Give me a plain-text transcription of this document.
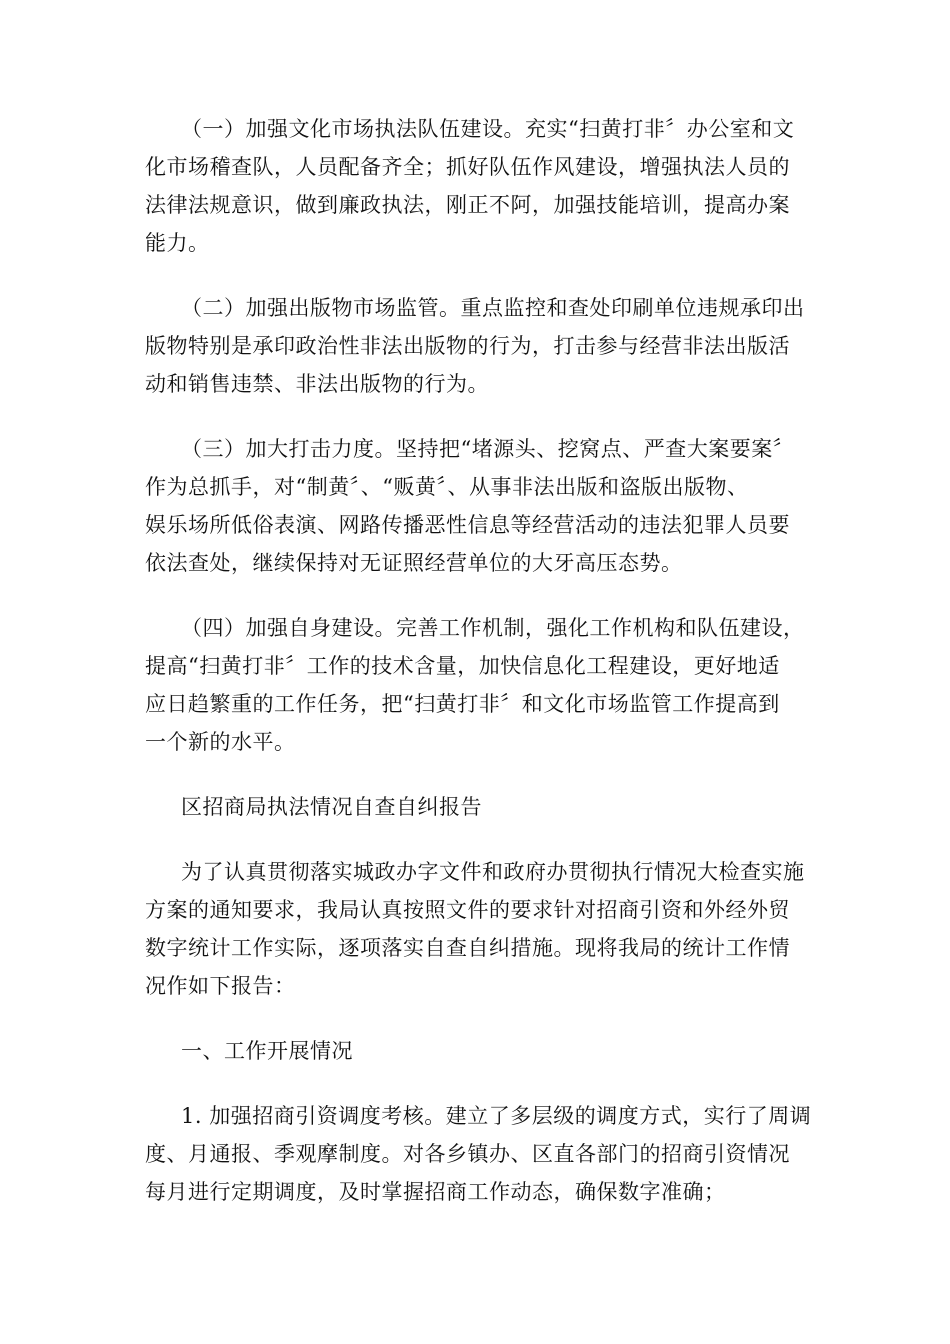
（一）加强文化市场执法队伍建设。充实“扫黄打非〞办公室和文
化市场稽查队，人员配备齐全；抓好队伍作风建设，增强执法人员的
法律法规意识，做到廉政执法，刚正不阿，加强技能培训，提高办案
能力。

（二）加强出版物市场监管。重点监控和查处印刷单位违规承印出
版物特别是承印政治性非法出版物的行为，打击参与经营非法出版活
动和销售违禁、非法出版物的行为。

（三）加大打击力度。坚持把“堵源头、挖窝点、严查大案要案〞
作为总抓手，对“制黄〞、“贩黄〞、从事非法出版和盗版出版物、
娱乐场所低俗表演、网路传播恶性信息等经营活动的违法犯罪人员要
依法查处，继续保持对无证照经营单位的大牙高压态势。

（四）加强自身建设。完善工作机制，强化工作机构和队伍建设，
提高“扫黄打非〞工作的技术含量，加快信息化工程建设，更好地适
应日趋繁重的工作任务，把“扫黄打非〞和文化市场监管工作提高到
一个新的水平。

区招商局执法情况自查自纠报告

为了认真贯彻落实城政办字文件和政府办贯彻执行情况大检查实施
方案的通知要求，我局认真按照文件的要求针对招商引资和外经外贸
数字统计工作实际，逐项落实自查自纠措施。现将我局的统计工作情
况作如下报告：

一、工作开展情况

1. 加强招商引资调度考核。建立了多层级的调度方式，实行了周调
度、月通报、季观摩制度。对各乡镇办、区直各部门的招商引资情况
每月进行定期调度，及时掌握招商工作动态，确保数字准确；
